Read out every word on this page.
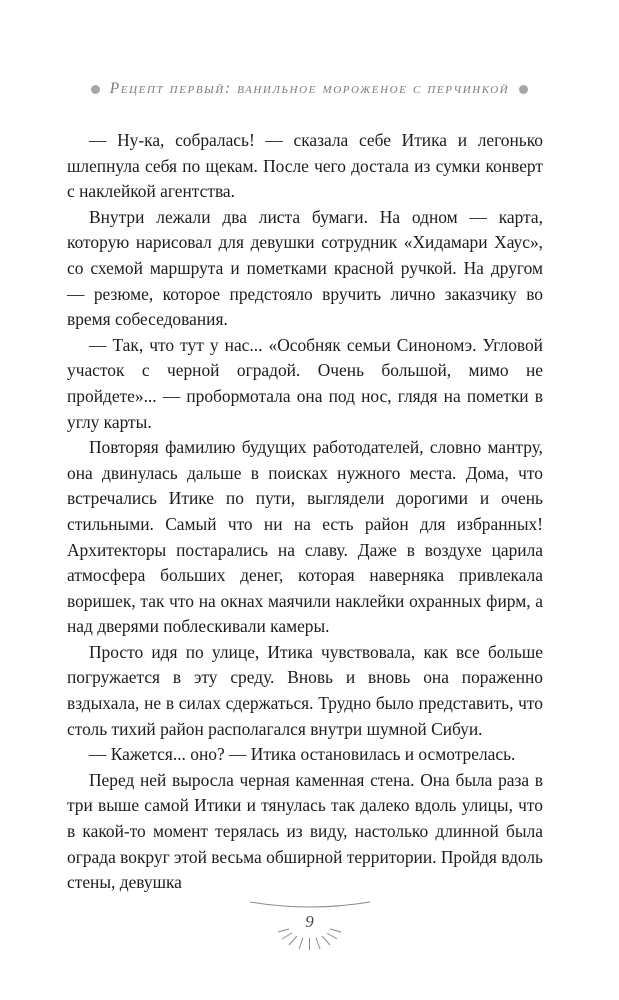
Рецепт первый: ванильное мороженое с перчинкой

— Ну-ка, собралась! — сказала себе Итика и легонько шлепнула себя по щекам. После чего достала из сумки конверт с наклейкой агентства.

Внутри лежали два листа бумаги. На одном — карта, которую нарисовал для девушки сотрудник «Хидамари Хаус», со схемой маршрута и пометками красной ручкой. На другом — резюме, которое предстояло вручить лично заказчику во время собеседования.

— Так, что тут у нас... «Особняк семьи Синономэ. Угловой участок с черной оградой. Очень большой, мимо не пройдете»... — пробормотала она под нос, глядя на пометки в углу карты.

Повторяя фамилию будущих работодателей, словно мантру, она двинулась дальше в поисках нужного места. Дома, что встречались Итике по пути, выглядели дорогими и очень стильными. Самый что ни на есть район для избранных! Архитекторы постарались на славу. Даже в воздухе царила атмосфера больших денег, которая наверняка привлекала воришек, так что на окнах маячили наклейки охранных фирм, а над дверями поблескивали камеры.

Просто идя по улице, Итика чувствовала, как все больше погружается в эту среду. Вновь и вновь она пораженно вздыхала, не в силах сдержаться. Трудно было представить, что столь тихий район располагался внутри шумной Сибуи.

— Кажется... оно? — Итика остановилась и осмотрелась.

Перед ней выросла черная каменная стена. Она была раза в три выше самой Итики и тянулась так далеко вдоль улицы, что в какой-то момент терялась из виду, настолько длинной была ограда вокруг этой весьма обширной территории. Пройдя вдоль стены, девушка

9
